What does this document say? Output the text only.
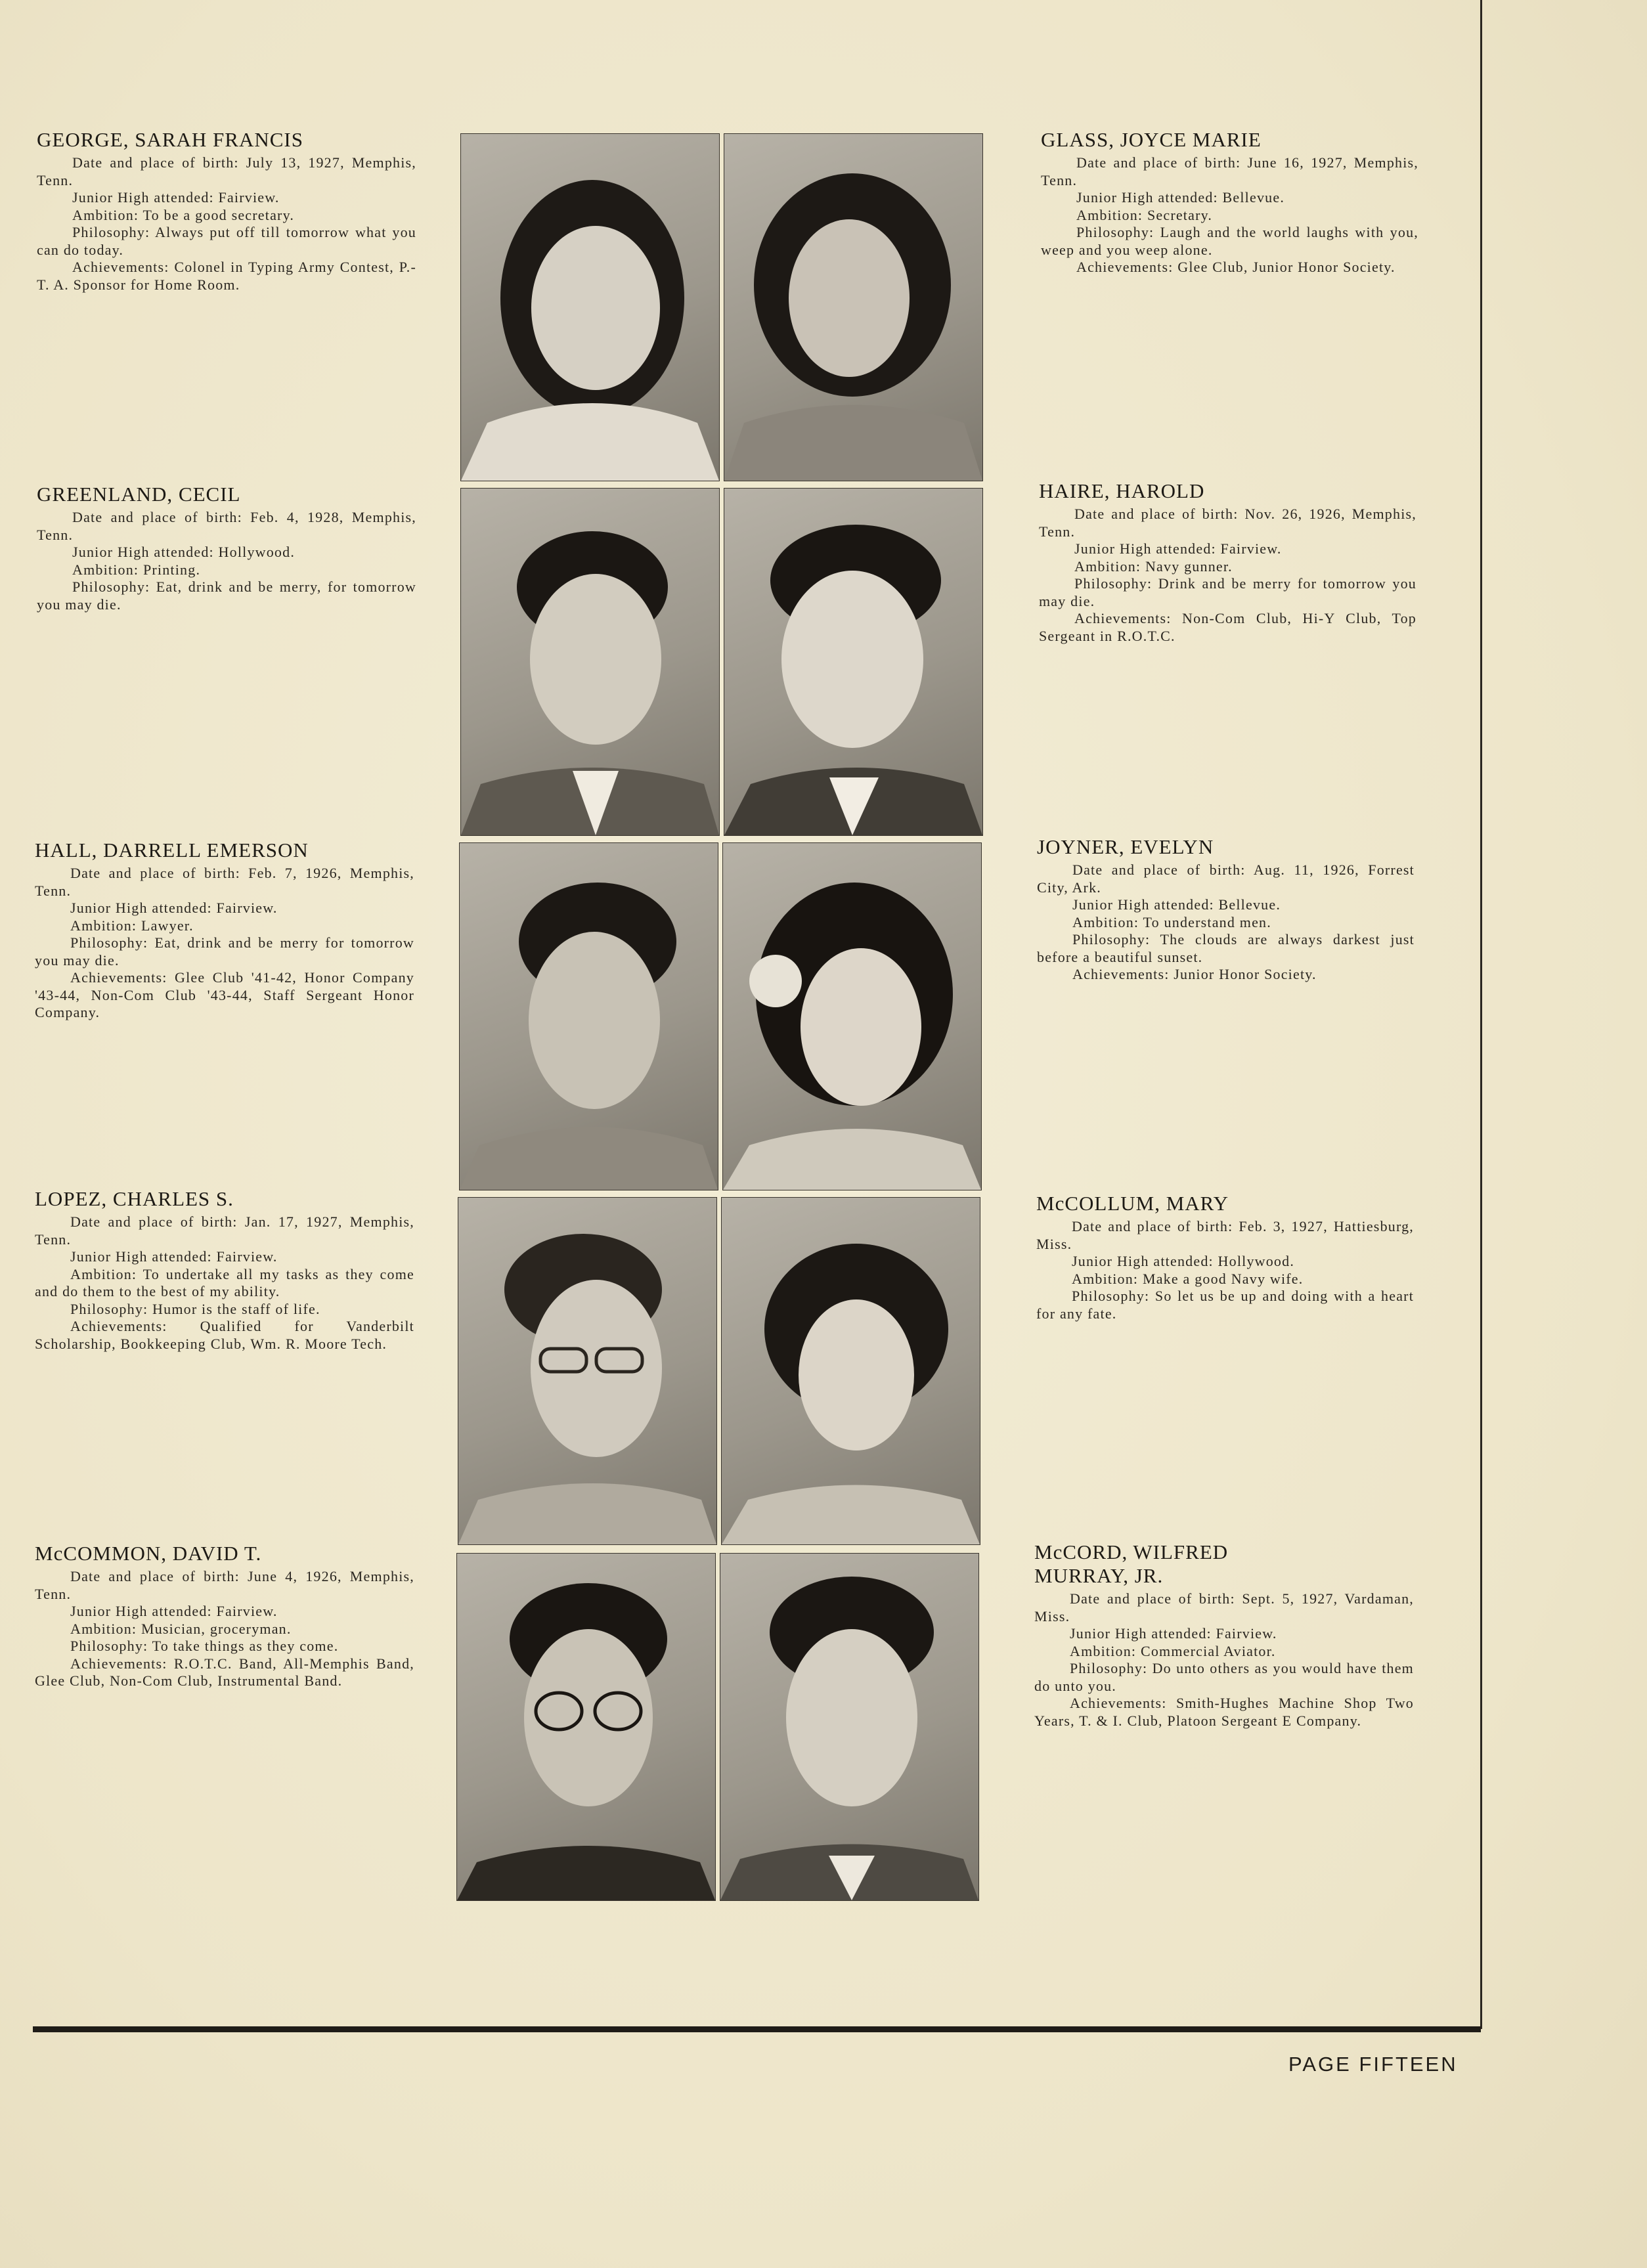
GEORGE, SARAH FRANCIS

Date and place of birth: July 13, 1927, Memphis, Tenn.

Junior High attended: Fairview.

Ambition: To be a good secretary.

Philosophy: Always put off till tomorrow what you can do today.

Achievements: Colonel in Typing Army Contest, P.-T. A. Sponsor for Home Room.

GLASS, JOYCE MARIE

Date and place of birth: June 16, 1927, Memphis, Tenn.

Junior High attended: Bellevue.

Ambition: Secretary.

Philosophy: Laugh and the world laughs with you, weep and you weep alone.

Achievements: Glee Club, Junior Honor Society.

GREENLAND, CECIL

Date and place of birth: Feb. 4, 1928, Memphis, Tenn.

Junior High attended: Hollywood.

Ambition: Printing.

Philosophy: Eat, drink and be merry, for tomorrow you may die.

HAIRE, HAROLD

Date and place of birth: Nov. 26, 1926, Memphis, Tenn.

Junior High attended: Fairview.

Ambition: Navy gunner.

Philosophy: Drink and be merry for tomorrow you may die.

Achievements: Non-Com Club, Hi-Y Club, Top Sergeant in R.O.T.C.

HALL, DARRELL EMERSON

Date and place of birth: Feb. 7, 1926, Memphis, Tenn.

Junior High attended: Fairview.

Ambition: Lawyer.

Philosophy: Eat, drink and be merry for tomorrow you may die.

Achievements: Glee Club '41-42, Honor Company '43-44, Non-Com Club '43-44, Staff Sergeant Honor Company.

JOYNER, EVELYN

Date and place of birth: Aug. 11, 1926, Forrest City, Ark.

Junior High attended: Bellevue.

Ambition: To understand men.

Philosophy: The clouds are always darkest just before a beautiful sunset.

Achievements: Junior Honor Society.

LOPEZ, CHARLES S.

Date and place of birth: Jan. 17, 1927, Memphis, Tenn.

Junior High attended: Fairview.

Ambition: To undertake all my tasks as they come and do them to the best of my ability.

Philosophy: Humor is the staff of life.

Achievements: Qualified for Vanderbilt Scholarship, Bookkeeping Club, Wm. R. Moore Tech.

McCOLLUM, MARY

Date and place of birth: Feb. 3, 1927, Hattiesburg, Miss.

Junior High attended: Hollywood.

Ambition: Make a good Navy wife.

Philosophy: So let us be up and doing with a heart for any fate.

McCOMMON, DAVID T.

Date and place of birth: June 4, 1926, Memphis, Tenn.

Junior High attended: Fairview.

Ambition: Musician, groceryman.

Philosophy: To take things as they come.

Achievements: R.O.T.C. Band, All-Memphis Band, Glee Club, Non-Com Club, Instrumental Band.

McCORD, WILFRED MURRAY, JR.

Date and place of birth: Sept. 5, 1927, Vardaman, Miss.

Junior High attended: Fairview.

Ambition: Commercial Aviator.

Philosophy: Do unto others as you would have them do unto you.

Achievements: Smith-Hughes Machine Shop Two Years, T. & I. Club, Platoon Sergeant E Company.

PAGE FIFTEEN
